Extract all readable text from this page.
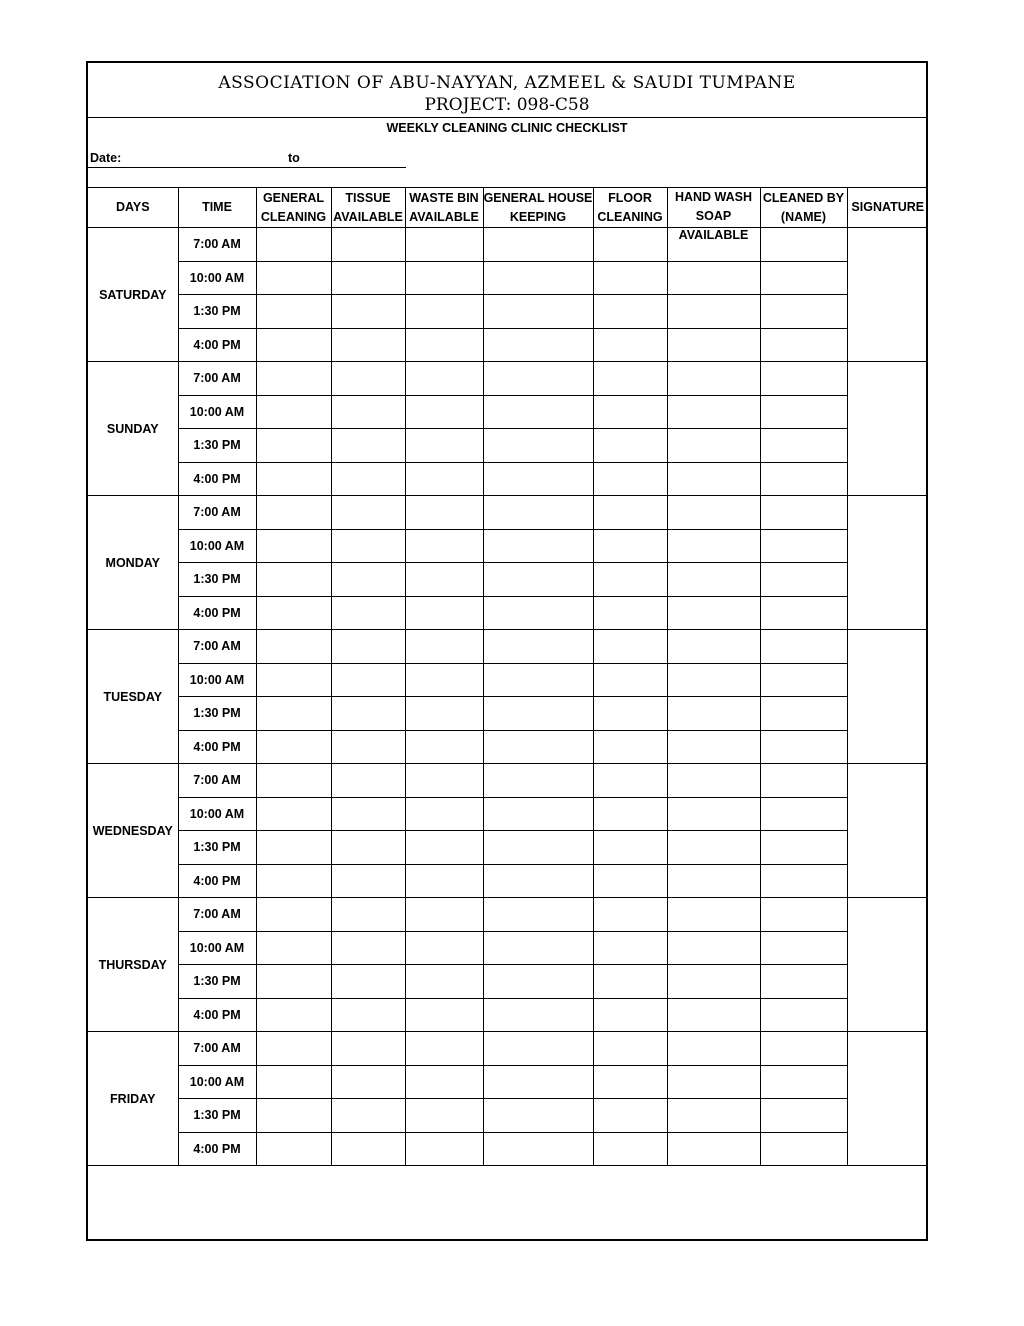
ASSOCIATION OF ABU-NAYYAN, AZMEEL & SAUDI TUMPANE
PROJECT: 098-C58
WEEKLY CLEANING CLINIC CHECKLIST
Date:	to
DAYS	TIME	GENERAL CLEANING	TISSUE AVAILABLE	WASTE BIN AVAILABLE	GENERAL HOUSE KEEPING	FLOOR CLEANING	HAND WASH SOAP AVAILABLE	CLEANED BY (NAME)	SIGNATURE
SATURDAY	7:00 AM								
	10:00 AM								
	1:30 PM								
	4:00 PM								
SUNDAY	7:00 AM								
	10:00 AM								
	1:30 PM								
	4:00 PM								
MONDAY	7:00 AM								
	10:00 AM								
	1:30 PM								
	4:00 PM								
TUESDAY	7:00 AM								
	10:00 AM								
	1:30 PM								
	4:00 PM								
WEDNESDAY	7:00 AM								
	10:00 AM								
	1:30 PM								
	4:00 PM								
THURSDAY	7:00 AM								
	10:00 AM								
	1:30 PM								
	4:00 PM								
FRIDAY	7:00 AM								
	10:00 AM								
	1:30 PM								
	4:00 PM								
